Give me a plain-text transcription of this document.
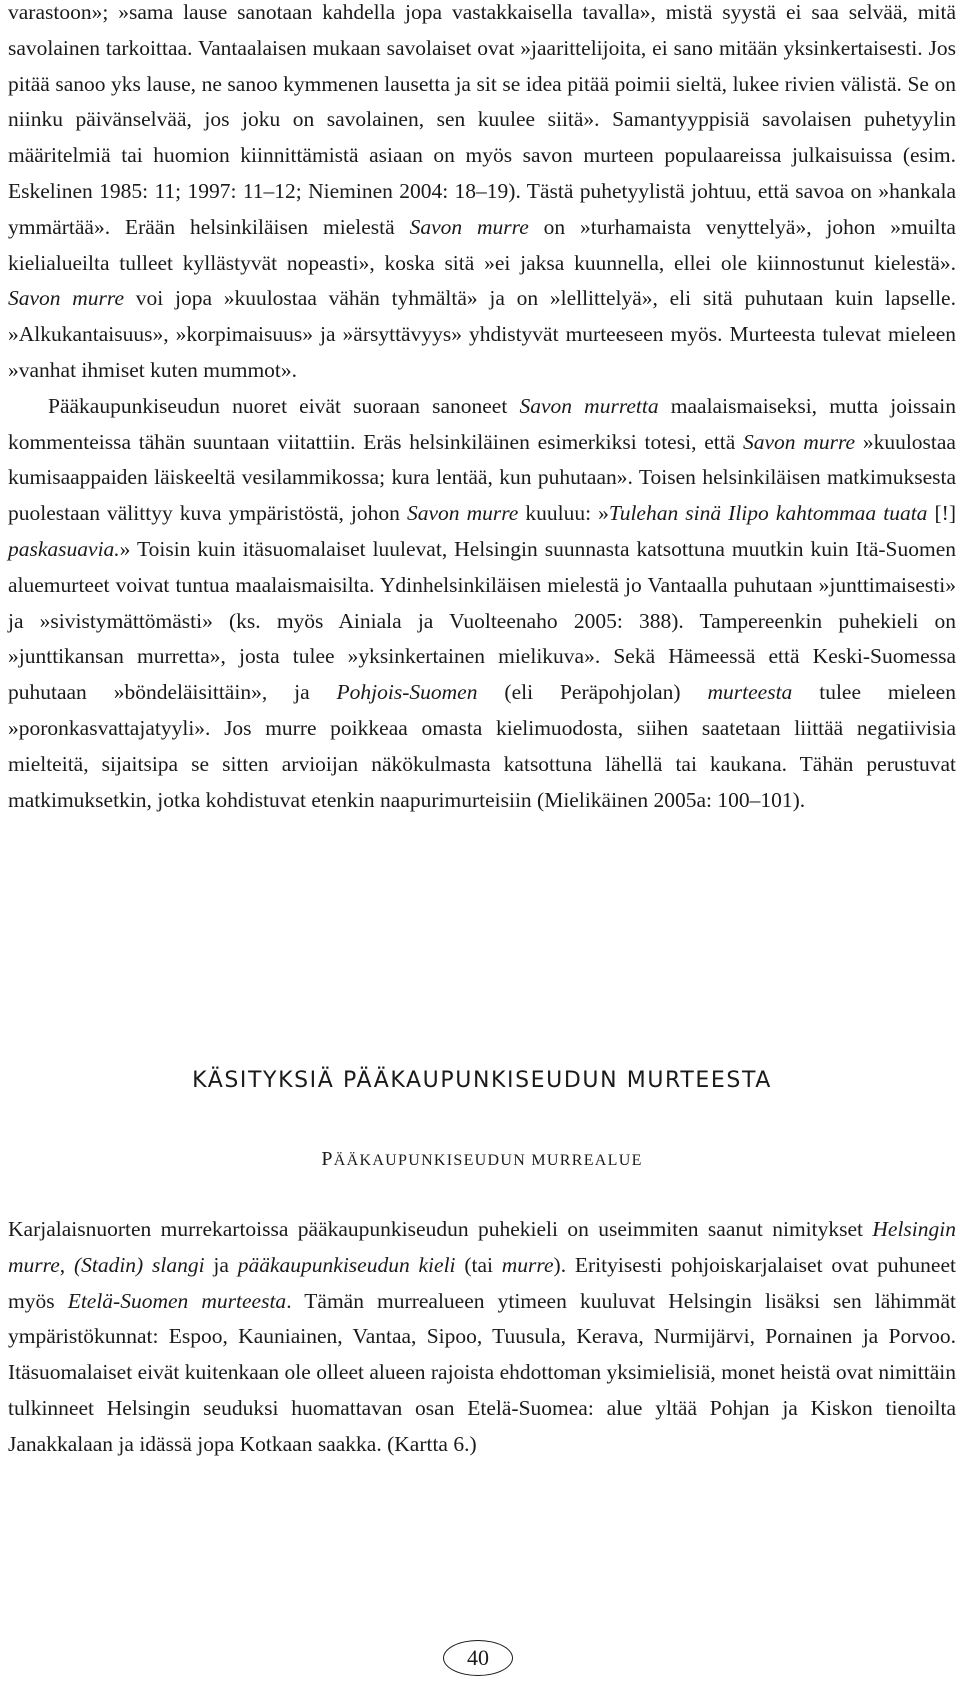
varastoon»; »sama lause sanotaan kahdella jopa vastakkaisella tavalla», mistä syystä ei saa selvää, mitä savolainen tarkoittaa. Vantaalaisen mukaan savolaiset ovat »jaarittelijoita, ei sano mitään yksinkertaisesti. Jos pitää sanoo yks lause, ne sanoo kymmenen lausetta ja sit se idea pitää poimii sieltä, lukee rivien välistä. Se on niinku päivänselvää, jos joku on savolainen, sen kuulee siitä». Samantyyppisiä savolaisen puhetyylin määritelmiä tai huomion kiinnittämistä asiaan on myös savon murteen populaareissa julkaisuissa (esim. Eskelinen 1985: 11; 1997: 11–12; Nieminen 2004: 18–19). Tästä puhetyylistä johtuu, että savoa on »hankala ymmärtää». Erään helsinkiläisen mielestä Savon murre on »turhamaista venyttelyä», johon »muilta kielialueilta tulleet kyllästyvät nopeasti», koska sitä »ei jaksa kuunnella, ellei ole kiinnostunut kielestä». Savon murre voi jopa »kuulostaa vähän tyhmältä» ja on »lellittelyä», eli sitä puhutaan kuin lapselle. »Alkukantaisuus», »korpimaisuus» ja »ärsyttävyys» yhdistyvät murteeseen myös. Murteesta tulevat mieleen »vanhat ihmiset kuten mummot».

Pääkaupunkiseudun nuoret eivät suoraan sanoneet Savon murretta maalaismaiseksi, mutta joissain kommenteissa tähän suuntaan viitattiin. Eräs helsinkiläinen esimerkiksi totesi, että Savon murre »kuulostaa kumisaappaiden läiskeeltä vesilammikossa; kura lentää, kun puhutaan». Toisen helsinkiläisen matkimuksesta puolestaan välittyy kuva ympäristöstä, johon Savon murre kuuluu: »Tulehan sinä Ilipo kahtommaa tuata [!] paskasuavia.» Toisin kuin itäsuomalaiset luulevat, Helsingin suunnasta katsottuna muutkin kuin Itä-Suomen aluemurteet voivat tuntua maalaismaisilta. Ydinhelsinkiläisen mielestä jo Vantaalla puhutaan »junttimaisesti» ja »sivistymättömästi» (ks. myös Ainiala ja Vuolteenaho 2005: 388). Tampereenkin puhekieli on »junttikansan murretta», josta tulee »yksinkertainen mielikuva». Sekä Hämeessä että Keski-Suomessa puhutaan »böndeläisittäin», ja Pohjois-Suomen (eli Peräpohjolan) murteesta tulee mieleen »poronkasvattajatyyli». Jos murre poikkeaa omasta kielimuodosta, siihen saatetaan liittää negatiivisia mielteitä, sijaitsipa se sitten arvioijan näkökulmasta katsottuna lähellä tai kaukana. Tähän perustuvat matkimuksetkin, jotka kohdistuvat etenkin naapurimurteisiin (Mielikäinen 2005a: 100–101).

KÄSITYKSIÄ PÄÄKAUPUNKISEUDUN MURTEESTA
PÄÄKAUPUNKISEUDUN MURREALUE

Karjalaisnuorten murrekartoissa pääkaupunkiseudun puhekieli on useimmiten saanut nimitykset Helsingin murre, (Stadin) slangi ja pääkaupunkiseudun kieli (tai murre). Erityisesti pohjoiskarjalaiset ovat puhuneet myös Etelä-Suomen murteesta. Tämän murrealueen ytimeen kuuluvat Helsingin lisäksi sen lähimmät ympäristökunnat: Espoo, Kauniainen, Vantaa, Sipoo, Tuusula, Kerava, Nurmijärvi, Pornainen ja Porvoo. Itäsuomalaiset eivät kuitenkaan ole olleet alueen rajoista ehdottoman yksimielisiä, monet heistä ovat nimittäin tulkinneet Helsingin seuduksi huomattavan osan Etelä-Suomea: alue yltää Pohjan ja Kiskon tienoilta Janakkalaan ja idässä jopa Kotkaan saakka. (Kartta 6.)

40
